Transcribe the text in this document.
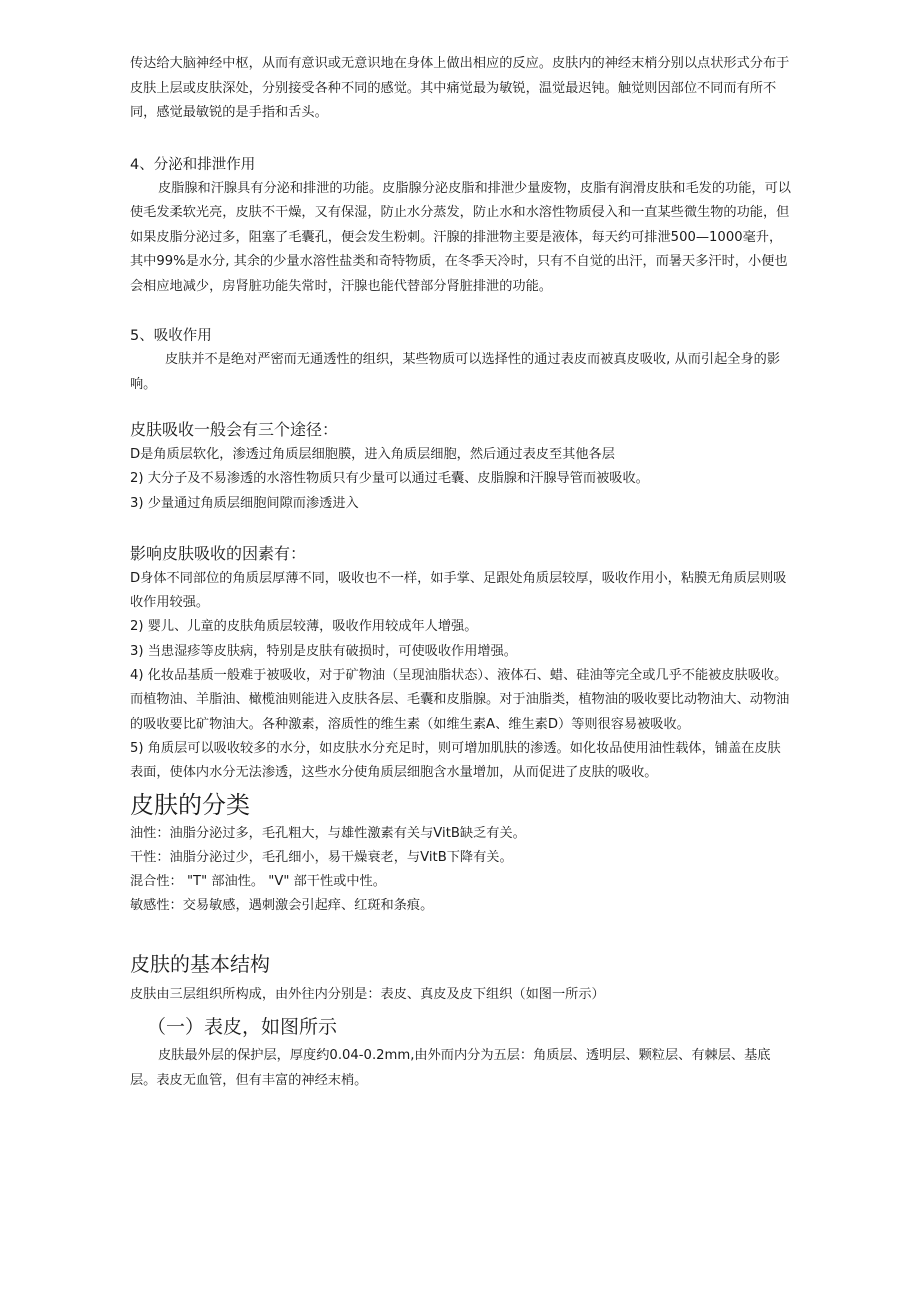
传达给大脑神经中枢，从而有意识或无意识地在身体上做出相应的反应。皮肤内的神经末梢分别以点状形式分布于皮肤上层或皮肤深处，分别接受各种不同的感觉。其中痛觉最为敏锐，温觉最迟钝。触觉则因部位不同而有所不同，感觉最敏锐的是手指和舌头。

4、分泌和排泄作用

皮脂腺和汗腺具有分泌和排泄的功能。皮脂腺分泌皮脂和排泄少量废物，皮脂有润滑皮肤和毛发的功能，可以使毛发柔软光亮，皮肤不干燥，又有保湿，防止水分蒸发，防止水和水溶性物质侵入和一直某些微生物的功能，但如果皮脂分泌过多，阻塞了毛囊孔，便会发生粉刺。汗腺的排泄物主要是液体，每天约可排泄500—1000毫升，其中99%是水分, 其余的少量水溶性盐类和奇特物质，在冬季天冷时，只有不自觉的出汗，而暑天多汗时，小便也会相应地减少，房肾脏功能失常时，汗腺也能代替部分肾脏排泄的功能。

5、吸收作用

皮肤并不是绝对严密而无通透性的组织，某些物质可以选择性的通过表皮而被真皮吸收, 从而引起全身的影响。

皮肤吸收一般会有三个途径：

D是角质层软化，渗透过角质层细胞膜，进入角质层细胞，然后通过表皮至其他各层

2) 大分子及不易渗透的水溶性物质只有少量可以通过毛囊、皮脂腺和汗腺导管而被吸收。

3) 少量通过角质层细胞间隙而渗透进入

影响皮肤吸收的因素有：

D身体不同部位的角质层厚薄不同，吸收也不一样，如手掌、足跟处角质层较厚，吸收作用小，粘膜无角质层则吸收作用较强。

2) 婴儿、儿童的皮肤角质层较薄，吸收作用较成年人增强。

3) 当患湿疹等皮肤病，特别是皮肤有破损时，可使吸收作用增强。

4) 化妆品基质一般难于被吸收，对于矿物油（呈现油脂状态）、液体石、蜡、硅油等完全或几乎不能被皮肤吸收。而植物油、羊脂油、橄榄油则能进入皮肤各层、毛囊和皮脂腺。对于油脂类，植物油的吸收要比动物油大、动物油的吸收要比矿物油大。各种激素，溶质性的维生素（如维生素A、维生素D）等则很容易被吸收。

5) 角质层可以吸收较多的水分，如皮肤水分充足时，则可增加肌肤的渗透。如化妆品使用油性载体，铺盖在皮肤表面，使体内水分无法渗透，这些水分使角质层细胞含水量增加，从而促进了皮肤的吸收。

皮肤的分类

油性：油脂分泌过多，毛孔粗大，与雄性激素有关与VitB缺乏有关。

干性：油脂分泌过少，毛孔细小，易干燥衰老，与VitB下降有关。

混合性： "T" 部油性。 "V" 部干性或中性。

敏感性：交易敏感，遇刺激会引起痒、红斑和条痕。

皮肤的基本结构

皮肤由三层组织所构成，由外往内分别是：表皮、真皮及皮下组织（如图一所示）

（一）表皮，如图所示

皮肤最外层的保护层，厚度约0.04-0.2mm,由外而内分为五层：角质层、透明层、颗粒层、有棘层、基底层。表皮无血管，但有丰富的神经末梢。
